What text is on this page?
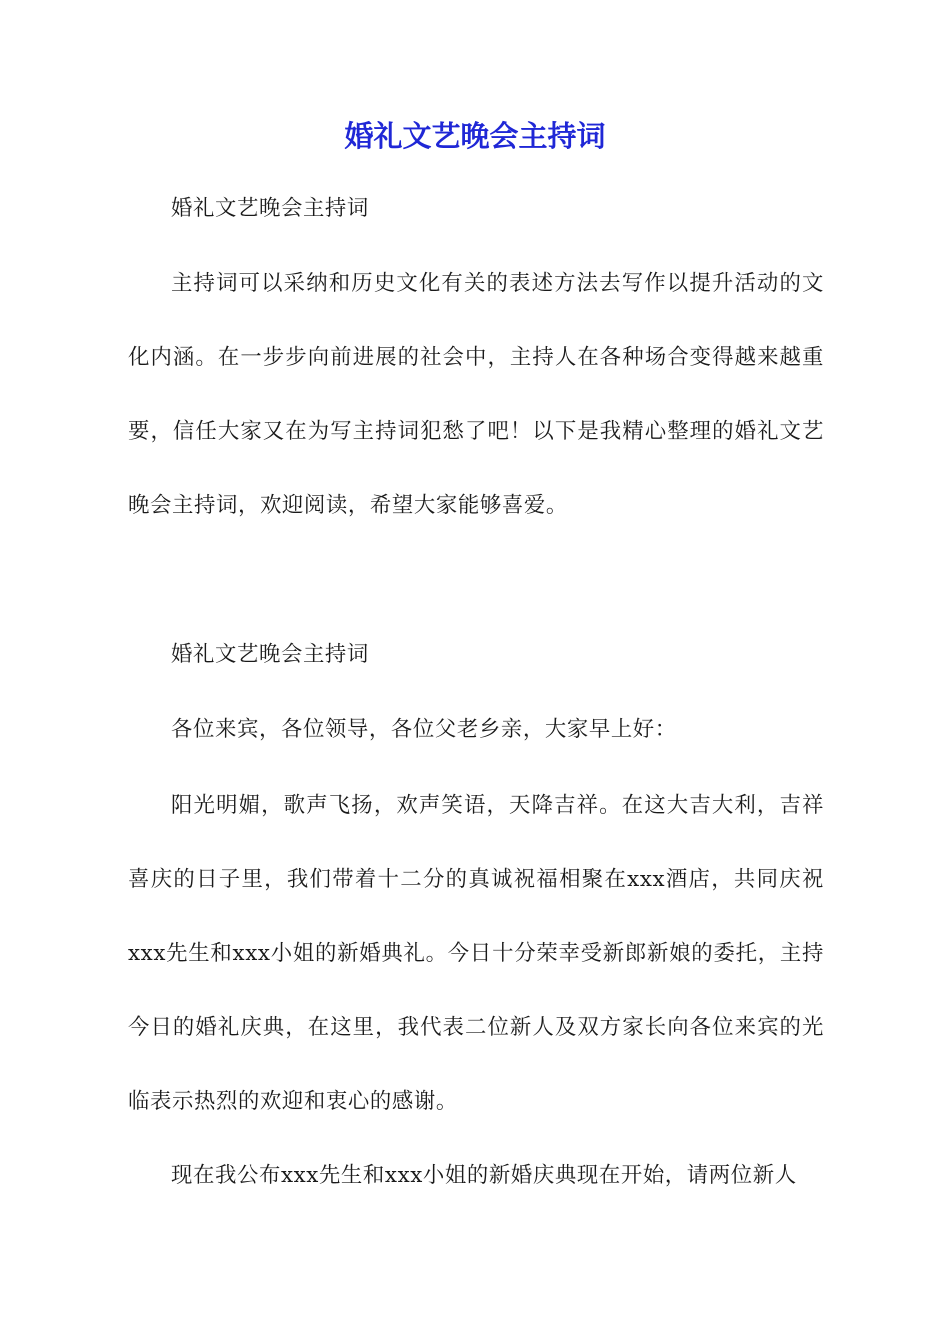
婚礼文艺晚会主持词

婚礼文艺晚会主持词

主持词可以采纳和历史文化有关的表述方法去写作以提升活动的文化内涵。在一步步向前进展的社会中，主持人在各种场合变得越来越重要，信任大家又在为写主持词犯愁了吧！以下是我精心整理的婚礼文艺晚会主持词，欢迎阅读，希望大家能够喜爱。

婚礼文艺晚会主持词

各位来宾，各位领导，各位父老乡亲，大家早上好：

阳光明媚，歌声飞扬，欢声笑语，天降吉祥。在这大吉大利，吉祥喜庆的日子里，我们带着十二分的真诚祝福相聚在xxx酒店，共同庆祝xxx先生和xxx小姐的新婚典礼。今日十分荣幸受新郎新娘的委托，主持今日的婚礼庆典，在这里，我代表二位新人及双方家长向各位来宾的光临表示热烈的欢迎和衷心的感谢。

现在我公布xxx先生和xxx小姐的新婚庆典现在开始，请两位新人
